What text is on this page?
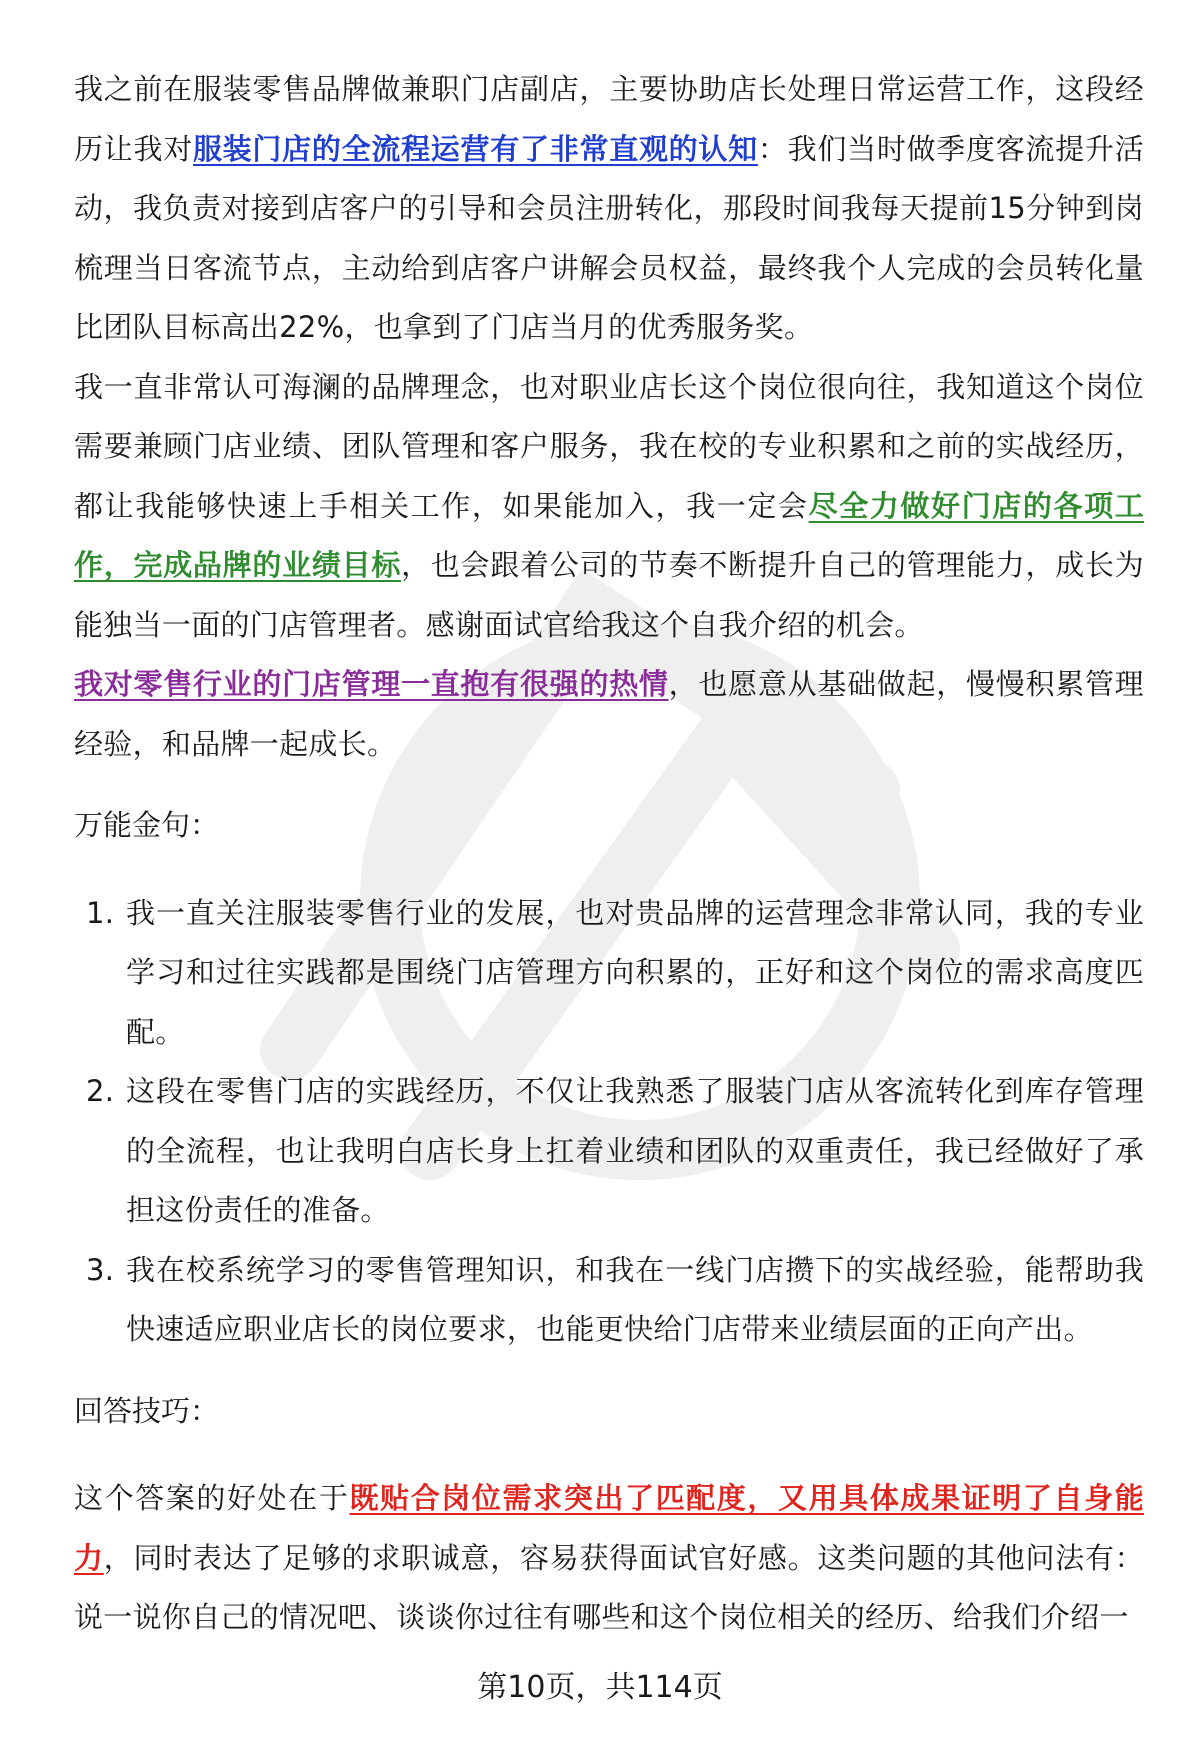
我之前在服装零售品牌做兼职门店副店，主要协助店长处理日常运营工作，这段经历让我对服装门店的全流程运营有了非常直观的认知：我们当时做季度客流提升活动，我负责对接到店客户的引导和会员注册转化，那段时间我每天提前15分钟到岗梳理当日客流节点，主动给到店客户讲解会员权益，最终我个人完成的会员转化量比团队目标高出22%，也拿到了门店当月的优秀服务奖。

我一直非常认可海澜的品牌理念，也对职业店长这个岗位很向往，我知道这个岗位需要兼顾门店业绩、团队管理和客户服务，我在校的专业积累和之前的实战经历，都让我能够快速上手相关工作，如果能加入，我一定会尽全力做好门店的各项工作，完成品牌的业绩目标，也会跟着公司的节奏不断提升自己的管理能力，成长为能独当一面的门店管理者。感谢面试官给我这个自我介绍的机会。

我对零售行业的门店管理一直抱有很强的热情，也愿意从基础做起，慢慢积累管理经验，和品牌一起成长。

万能金句：

1. 我一直关注服装零售行业的发展，也对贵品牌的运营理念非常认同，我的专业学习和过往实践都是围绕门店管理方向积累的，正好和这个岗位的需求高度匹配。
2. 这段在零售门店的实践经历，不仅让我熟悉了服装门店从客流转化到库存管理的全流程，也让我明白店长身上扛着业绩和团队的双重责任，我已经做好了承担这份责任的准备。
3. 我在校系统学习的零售管理知识，和我在一线门店攒下的实战经验，能帮助我快速适应职业店长的岗位要求，也能更快给门店带来业绩层面的正向产出。

回答技巧：

这个答案的好处在于既贴合岗位需求突出了匹配度，又用具体成果证明了自身能力，同时表达了足够的求职诚意，容易获得面试官好感。这类问题的其他问法有：说一说你自己的情况吧、谈谈你过往有哪些和这个岗位相关的经历、给我们介绍一

第10页，共114页
